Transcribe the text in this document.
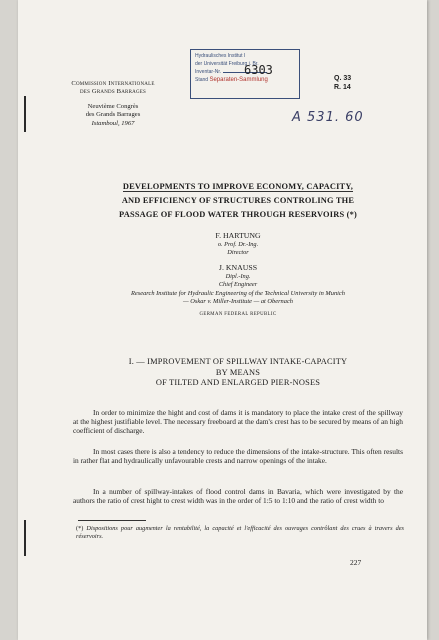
Commission Internationale
des Grands Barrages
Neuvième Congrès
des Grands Barrages
Istamboul, 1967
Hydraulisches Institut I
der Universität Freiburg i. Br.
Inventar-Nr.
Stand Separaten-Sammlung
6303
Q. 33
R. 14
A 531. 60
DEVELOPMENTS TO IMPROVE ECONOMY, CAPACITY,
AND EFFICIENCY OF STRUCTURES CONTROLING THE
PASSAGE OF FLOOD WATER THROUGH RESERVOIRS (*)
F. HARTUNG
o. Prof. Dr.-Ing.
Director
J. KNAUSS
Dipl.-Ing.
Chief Engineer
Research Institute for Hydraulic Engineering of the Technical University in Munich
— Oskar v. Miller-Institute — at Obernach
GERMAN FEDERAL REPUBLIC
I. — IMPROVEMENT OF SPILLWAY INTAKE-CAPACITY
BY MEANS
OF TILTED AND ENLARGED PIER-NOSES
In order to minimize the hight and cost of dams it is mandatory to place the intake crest of the spillway at the highest justifiable level. The necessary freeboard at the dam's crest has to be secured by means of an high coefficient of discharge.
In most cases there is also a tendency to reduce the dimensions of the intake-structure. This often results in rather flat and hydraulically unfavourable crests and narrow openings of the intake.
In a number of spillway-intakes of flood control dams in Bavaria, which were investigated by the authors the ratio of crest hight to crest width was in the order of 1:5 to 1:10 and the ratio of crest width to
(*) Dispositions pour augmenter la rentabilité, la capacité et l'efficacité des ouvrages contrôlant des crues à travers des réservoirs.
227
